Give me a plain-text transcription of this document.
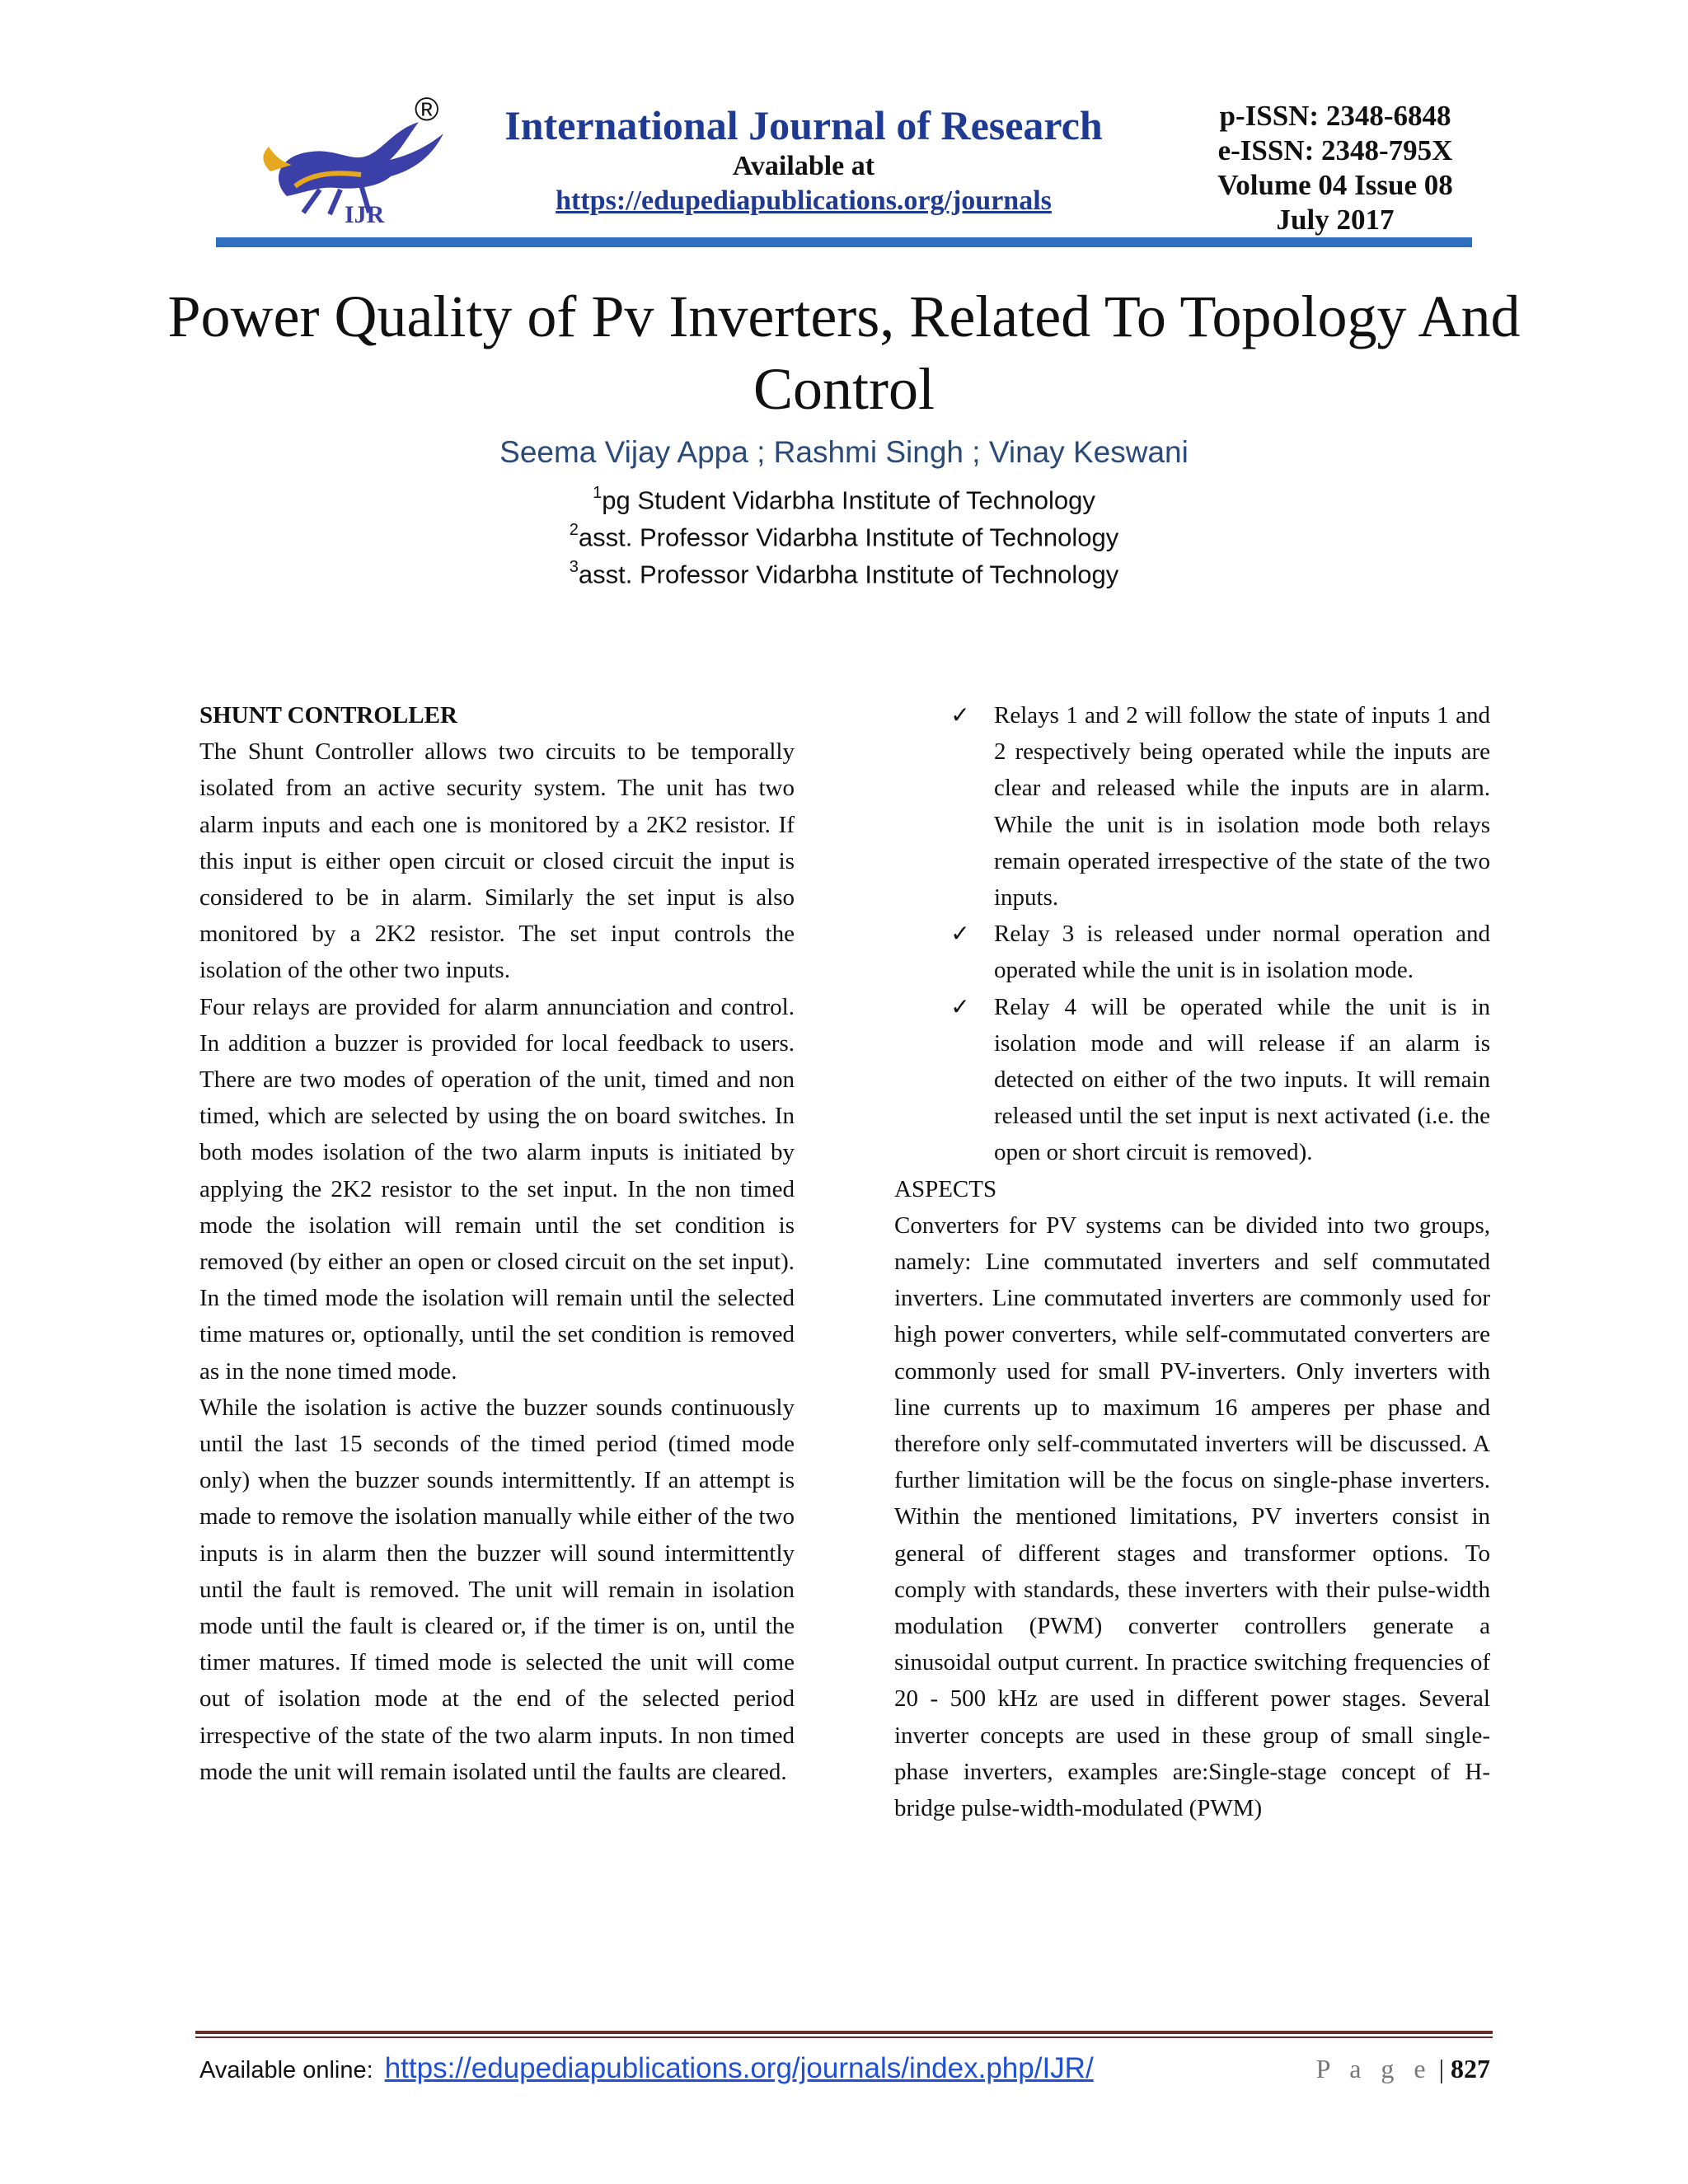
IJR
®	International Journal of Research
Available at
https://edupediapublications.org/journals
p-ISSN: 2348-6848
e-ISSN: 2348-795X
Volume 04 Issue 08
July 2017
Power Quality of Pv Inverters, Related To Topology And
Control
Seema Vijay Appa ; Rashmi Singh ; Vinay Keswani
$^1$pg Student Vidarbha Institute of Technology
$^2$asst. Professor Vidarbha Institute of Technology
$^3$asst. Professor Vidarbha Institute of Technology

SHUNT CONTROLLER

The Shunt Controller allows two circuits to be temporally isolated from an active security system. The unit has two alarm inputs and each one is monitored by a 2K2 resistor. If this input is either open circuit or closed circuit the input is considered to be in alarm. Similarly the set input is also monitored by a 2K2 resistor. The set input controls the isolation of the other two inputs.

Four relays are provided for alarm annunciation and control. In addition a buzzer is provided for local feedback to users. There are two modes of operation of the unit, timed and non timed, which are selected by using the on board switches. In both modes isolation of the two alarm inputs is initiated by applying the 2K2 resistor to the set input. In the non timed mode the isolation will remain until the set condition is removed (by either an open or closed circuit on the set input). In the timed mode the isolation will remain until the selected time matures or, optionally, until the set condition is removed as in the none timed mode.

While the isolation is active the buzzer sounds continuously until the last 15 seconds of the timed period (timed mode only) when the buzzer sounds intermittently. If an attempt is made to remove the isolation manually while either of the two inputs is in alarm then the buzzer will sound intermittently until the fault is removed. The unit will remain in isolation mode until the fault is cleared or, if the timer is on, until the timer matures. If timed mode is selected the unit will come out of isolation mode at the end of the selected period irrespective of the state of the two alarm inputs. In non timed mode the unit will remain isolated until the faults are cleared.

✓ Relays 1 and 2 will follow the state of inputs 1 and 2 respectively being operated while the inputs are clear and released while the inputs are in alarm. While the unit is in isolation mode both relays remain operated irrespective of the state of the two inputs.
✓ Relay 3 is released under normal operation and operated while the unit is in isolation mode.
✓ Relay 4 will be operated while the unit is in isolation mode and will release if an alarm is detected on either of the two inputs. It will remain released until the set input is next activated (i.e. the open or short circuit is removed).

ASPECTS

Converters for PV systems can be divided into two groups, namely: Line commutated inverters and self commutated inverters. Line commutated inverters are commonly used for high power converters, while self-commutated converters are commonly used for small PV-inverters. Only inverters with line currents up to maximum 16 amperes per phase and therefore only self-commutated inverters will be discussed. A further limitation will be the focus on single-phase inverters. Within the mentioned limitations, PV inverters consist in general of different stages and transformer options. To comply with standards, these inverters with their pulse-width modulation (PWM) converter controllers generate a sinusoidal output current. In practice switching frequencies of 20 - 500 kHz are used in different power stages. Several inverter concepts are used in these group of small single-phase inverters, examples are:Single-stage concept of H-bridge pulse-width-modulated (PWM)

Available online: https://edupediapublications.org/journals/index.php/IJR/	P a g e | 827
